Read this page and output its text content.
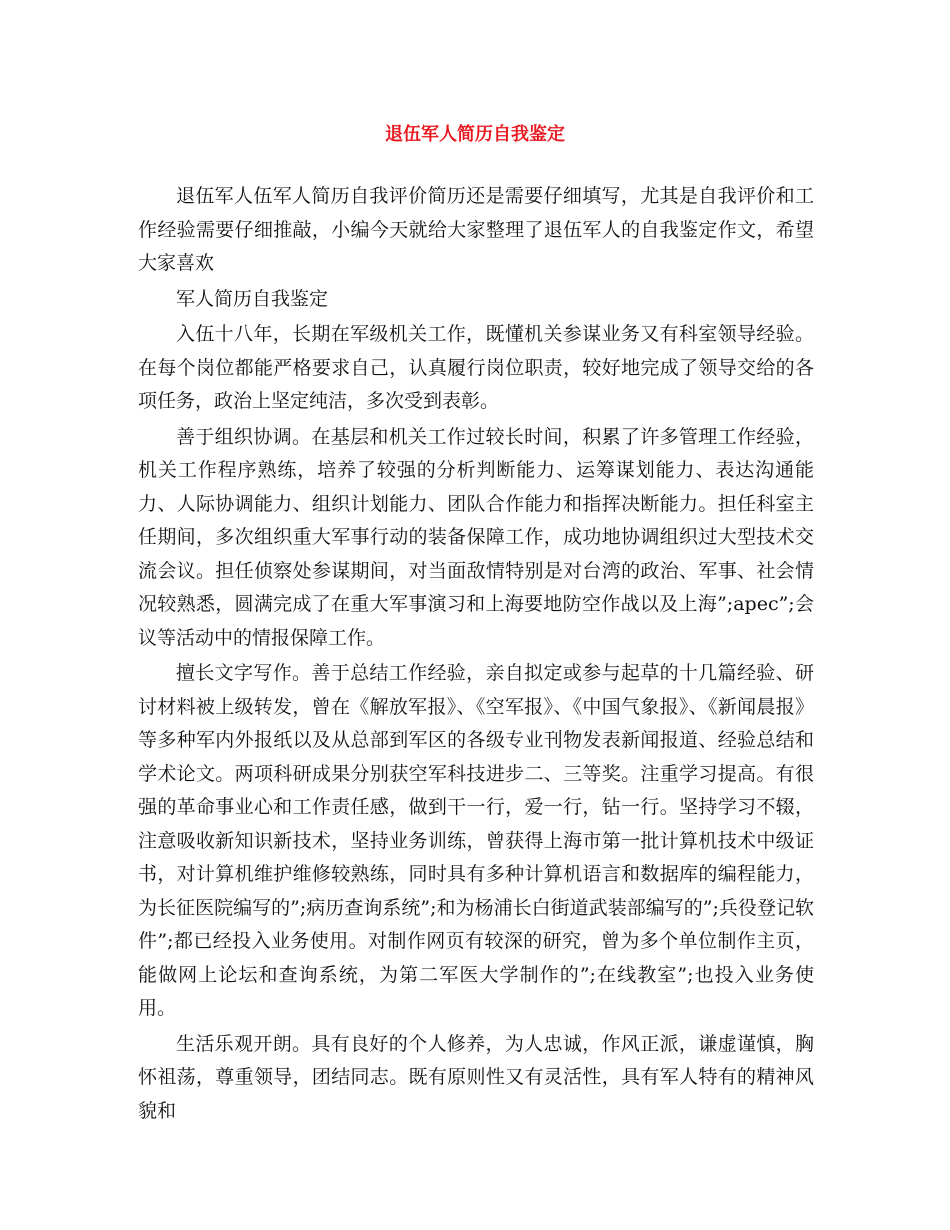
退伍军人简历自我鉴定

退伍军人伍军人简历自我评价简历还是需要仔细填写，尤其是自我评价和工作经验需要仔细推敲，小编今天就给大家整理了退伍军人的自我鉴定作文，希望大家喜欢

军人简历自我鉴定

入伍十八年，长期在军级机关工作，既懂机关参谋业务又有科室领导经验。在每个岗位都能严格要求自己，认真履行岗位职责，较好地完成了领导交给的各项任务，政治上坚定纯洁，多次受到表彰。

善于组织协调。在基层和机关工作过较长时间，积累了许多管理工作经验，机关工作程序熟练，培养了较强的分析判断能力、运筹谋划能力、表达沟通能力、人际协调能力、组织计划能力、团队合作能力和指挥决断能力。担任科室主任期间，多次组织重大军事行动的装备保障工作，成功地协调组织过大型技术交流会议。担任侦察处参谋期间，对当面敌情特别是对台湾的政治、军事、社会情况较熟悉，圆满完成了在重大军事演习和上海要地防空作战以及上海”;apec”;会议等活动中的情报保障工作。

擅长文字写作。善于总结工作经验，亲自拟定或参与起草的十几篇经验、研讨材料被上级转发，曾在《解放军报》、《空军报》、《中国气象报》、《新闻晨报》等多种军内外报纸以及从总部到军区的各级专业刊物发表新闻报道、经验总结和学术论文。两项科研成果分别获空军科技进步二、三等奖。注重学习提高。有很强的革命事业心和工作责任感，做到干一行，爱一行，钻一行。坚持学习不辍，注意吸收新知识新技术，坚持业务训练，曾获得上海市第一批计算机技术中级证书，对计算机维护维修较熟练，同时具有多种计算机语言和数据库的编程能力，为长征医院编写的”;病历查询系统”;和为杨浦长白街道武装部编写的”;兵役登记软件”;都已经投入业务使用。对制作网页有较深的研究，曾为多个单位制作主页，能做网上论坛和查询系统，为第二军医大学制作的”;在线教室”;也投入业务使用。

生活乐观开朗。具有良好的个人修养，为人忠诚，作风正派，谦虚谨慎，胸怀祖荡，尊重领导，团结同志。既有原则性又有灵活性，具有军人特有的精神风貌和
